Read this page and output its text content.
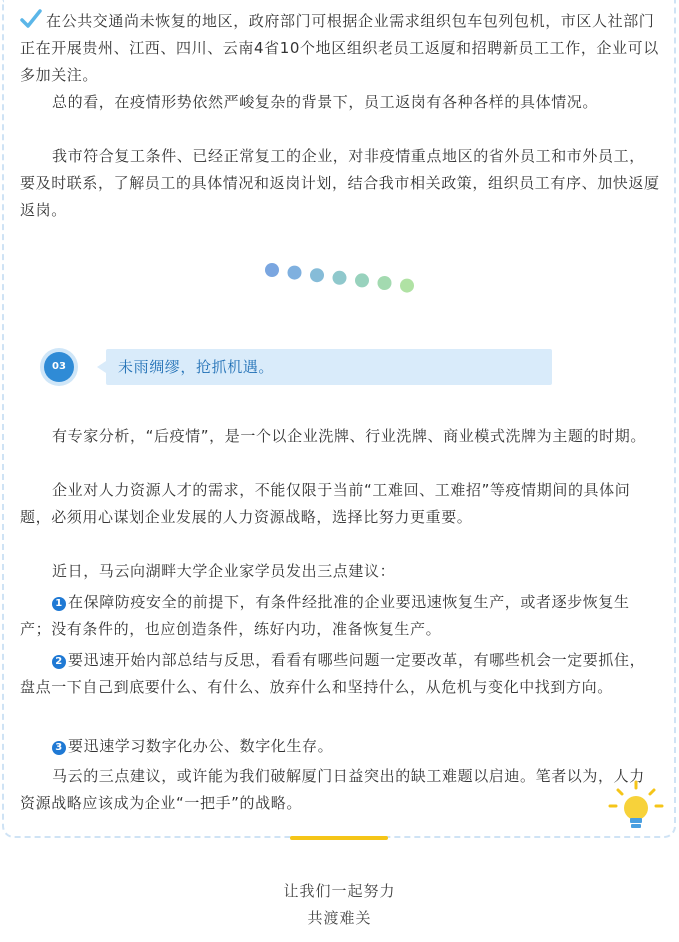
在公共交通尚未恢复的地区，政府部门可根据企业需求组织包车包列包机，市区人社部门正在开展贵州、江西、四川、云南4省10个地区组织老员工返厦和招聘新员工工作，企业可以多加关注。

总的看，在疫情形势依然严峻复杂的背景下，员工返岗有各种各样的具体情况。

我市符合复工条件、已经正常复工的企业，对非疫情重点地区的省外员工和市外员工，要及时联系，了解员工的具体情况和返岗计划，结合我市相关政策，组织员工有序、加快返厦返岗。

03	未雨绸缪，抢抓机遇。

有专家分析，“后疫情”，是一个以企业洗牌、行业洗牌、商业模式洗牌为主题的时期。

企业对人力资源人才的需求，不能仅限于当前“工难回、工难招”等疫情期间的具体问题，必须用心谋划企业发展的人力资源战略，选择比努力更重要。

近日，马云向湖畔大学企业家学员发出三点建议：

1 在保障防疫安全的前提下，有条件经批准的企业要迅速恢复生产，或者逐步恢复生产；没有条件的，也应创造条件，练好内功，准备恢复生产。

2 要迅速开始内部总结与反思，看看有哪些问题一定要改革，有哪些机会一定要抓住，盘点一下自己到底要什么、有什么、放弃什么和坚持什么，从危机与变化中找到方向。

3 要迅速学习数字化办公、数字化生存。

马云的三点建议，或许能为我们破解厦门日益突出的缺工难题以启迪。笔者以为，人力资源战略应该成为企业“一把手”的战略。

让我们一起努力
共渡难关
